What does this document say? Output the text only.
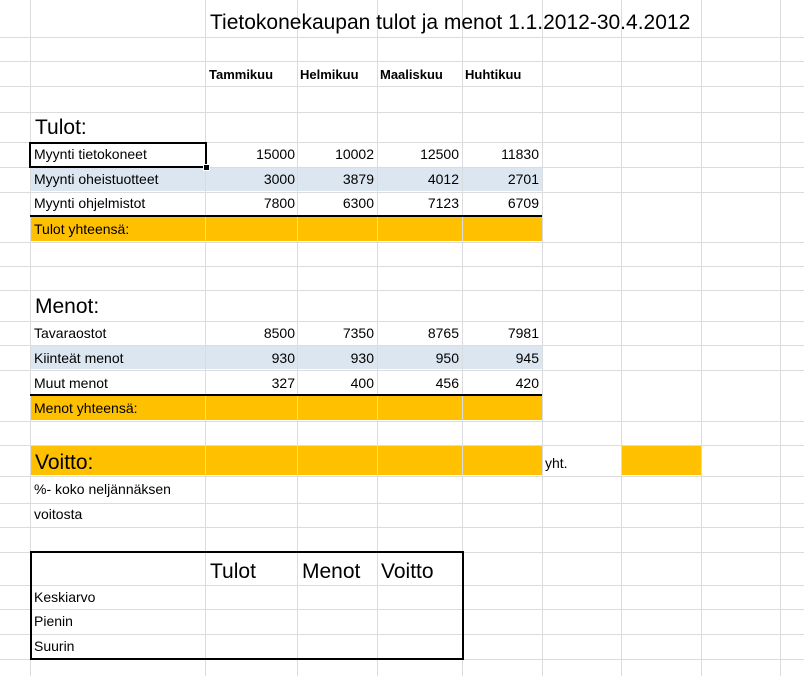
Tietokonekaupan tulot ja menot 1.1.2012-30.4.2012
Tammikuu Helmikuu Maaliskuu Huhtikuu
Tulot:
Myynti tietokoneet	15000	10002	12500	11830
Myynti oheistuotteet	3000	3879	4012	2701
Myynti ohjelmistot	7800	6300	7123	6709
Tulot yhteensä:
Menot:
Tavaraostot	8500	7350	8765	7981
Kiinteät menot	930	930	950	945
Muut menot	327	400	456	420
Menot yhteensä:
Voitto:	yht.
%- koko neljännäksen
voitosta
Tulot Menot Voitto
Keskiarvo
Pienin
Suurin
